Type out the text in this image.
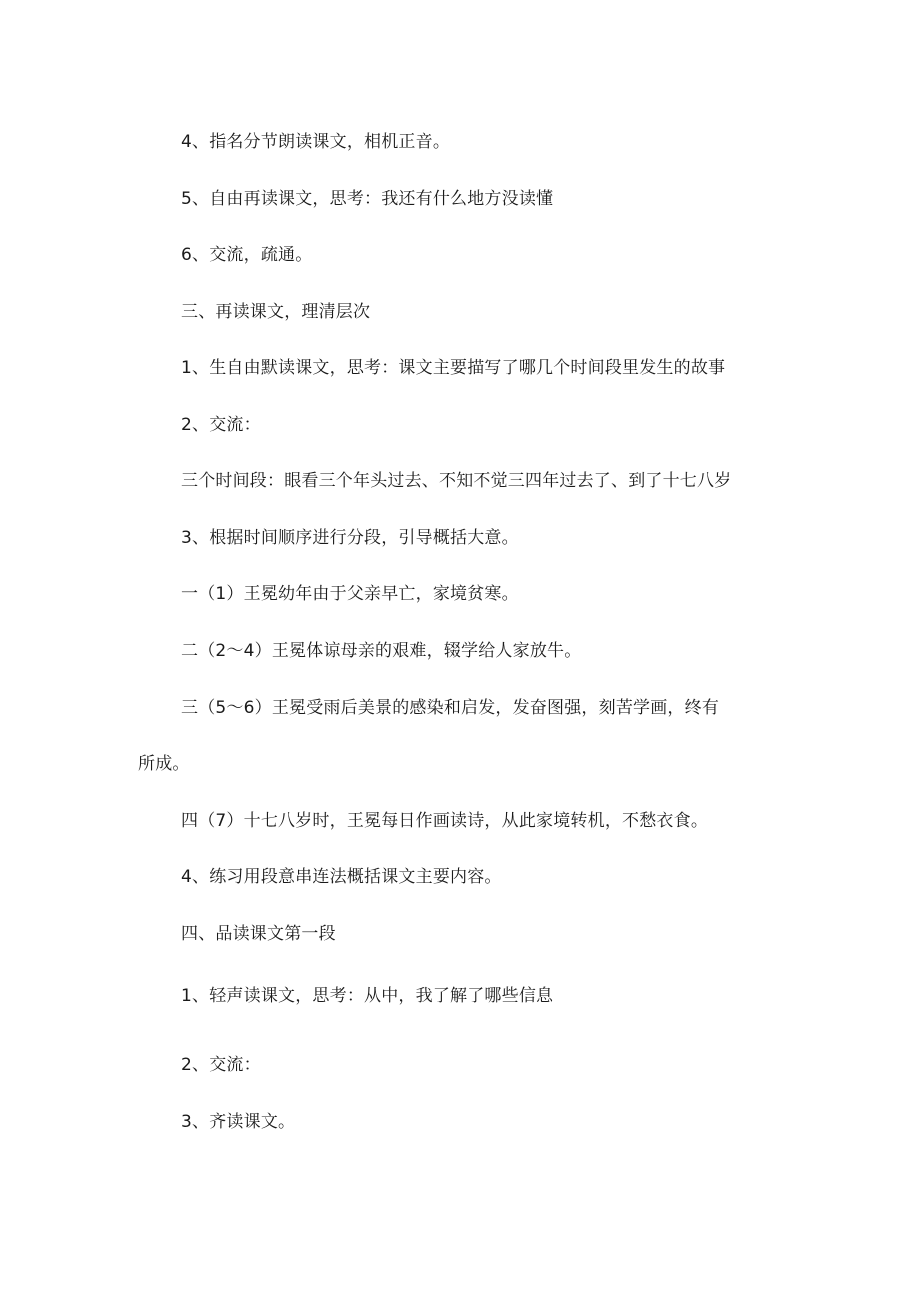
4、指名分节朗读课文，相机正音。
5、自由再读课文，思考：我还有什么地方没读懂
6、交流，疏通。
三、再读课文，理清层次
1、生自由默读课文，思考：课文主要描写了哪几个时间段里发生的故事
2、交流：
三个时间段：眼看三个年头过去、不知不觉三四年过去了、到了十七八岁
3、根据时间顺序进行分段，引导概括大意。
一（1）王冕幼年由于父亲早亡，家境贫寒。
二（2～4）王冕体谅母亲的艰难，辍学给人家放牛。
三（5～6）王冕受雨后美景的感染和启发，发奋图强，刻苦学画，终有
所成。
四（7）十七八岁时，王冕每日作画读诗，从此家境转机，不愁衣食。
4、练习用段意串连法概括课文主要内容。
四、品读课文第一段
1、轻声读课文，思考：从中，我了解了哪些信息
2、交流：
3、齐读课文。
